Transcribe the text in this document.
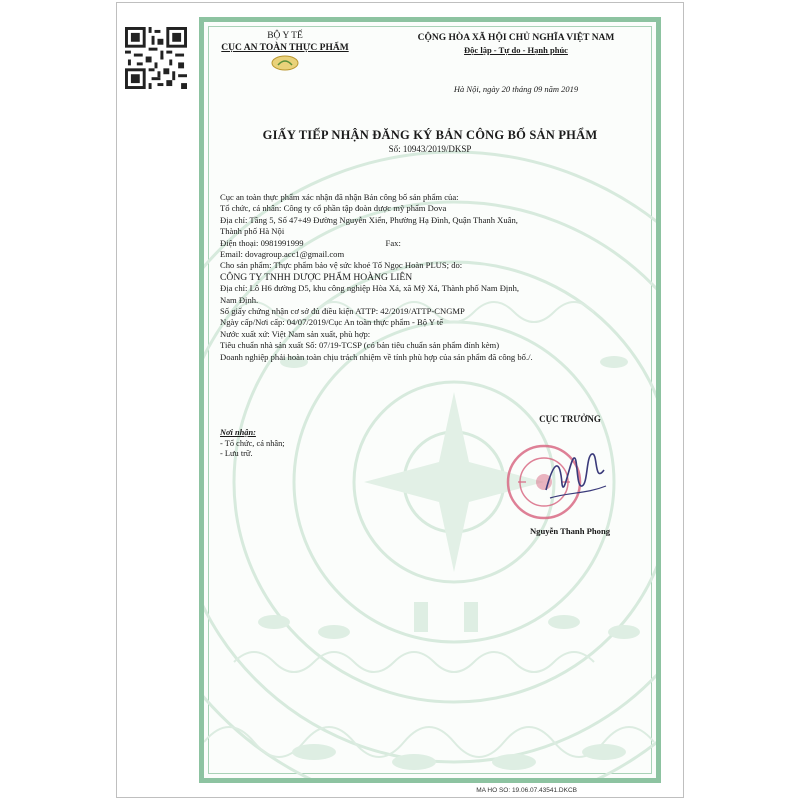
BỘ Y TẾ
CỤC AN TOÀN THỰC PHẨM
CỘNG HÒA XÃ HỘI CHỦ NGHĨA VIỆT NAM
Độc lập - Tự do - Hạnh phúc
Hà Nội, ngày 20 tháng 09 năm 2019
GIẤY TIẾP NHẬN ĐĂNG KÝ BẢN CÔNG BỐ SẢN PHẨM
Số: 10943/2019/DKSP

Cục an toàn thực phẩm xác nhận đã nhận Bản công bố sản phẩm của:

Tổ chức, cá nhân: Công ty cổ phần tập đoàn dược mỹ phẩm Dova

Địa chỉ: Tầng 5, Số 47+49 Đường Nguyễn Xiển, Phường Hạ Đình, Quận Thanh Xuân,

Thành phố Hà Nội

Điện thoại: 0981991999	Fax:

Email: dovagroup.acc1@gmail.com

Cho sản phẩm: Thực phẩm bảo vệ sức khoẻ Tố Ngọc Hoàn PLUS; do:

CÔNG TY TNHH DƯỢC PHẨM HOÀNG LIÊN

Địa chỉ: Lô H6 đường D5, khu công nghiệp Hòa Xá, xã Mỹ Xá, Thành phố Nam Định,

Nam Định.

Số giấy chứng nhận cơ sở đủ điều kiện ATTP: 42/2019/ATTP-CNGMP

Ngày cấp/Nơi cấp: 04/07/2019/Cục An toàn thực phẩm - Bộ Y tế

Nước xuất xứ: Việt Nam sản xuất, phù hợp:

Tiêu chuẩn nhà sản xuất Số: 07/19-TCSP (có bản tiêu chuẩn sản phẩm đính kèm)

Doanh nghiệp phải hoàn toàn chịu trách nhiệm về tính phù hợp của sản phẩm đã công bố./.

Nơi nhận:
- Tổ chức, cá nhân;
- Lưu trữ.
CỤC TRƯỞNG
Nguyễn Thanh Phong
MA HO SO: 19.06.07.43541.DKCB
